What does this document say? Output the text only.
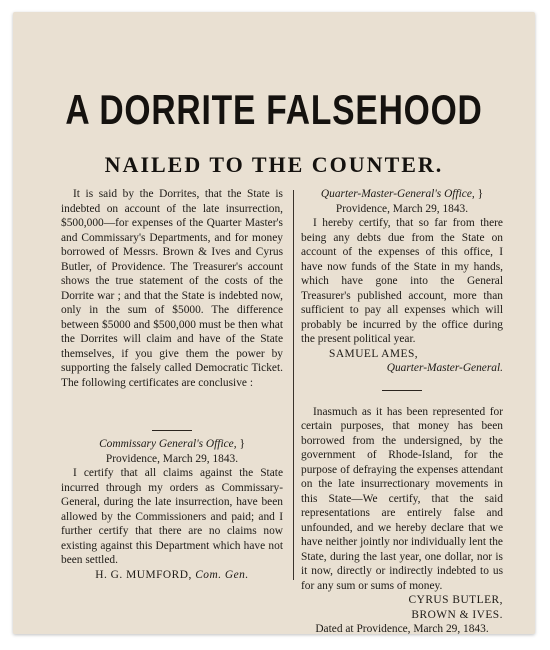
A DORRITE FALSEHOOD
NAILED TO THE COUNTER.

It is said by the Dorrites, that the State is indebted on account of the late insurrection, $500,000—for expenses of the Quarter Master's and Commissary's Departments, and for money borrowed of Messrs. Brown & Ives and Cyrus Butler, of Providence. The Treasurer's account shows the true statement of the costs of the Dorrite war ; and that the State is indebted now, only in the sum of $5000. The difference between $5000 and $500,000 must be then what the Dorrites will claim and have of the State themselves, if you give them the power by supporting the falsely called Democratic Ticket. The following certificates are conclusive :

Commissary General's Office, }

Providence, March 29, 1843.

I certify that all claims against the State incurred through my orders as Commissary-General, during the late insurrection, have been allowed by the Commissioners and paid; and I further certify that there are no claims now existing against this Department which have not been settled.

H. G. MUMFORD, Com. Gen.

Quarter-Master-General's Office, }

Providence, March 29, 1843.

I hereby certify, that so far from there being any debts due from the State on account of the expenses of this office, I have now funds of the State in my hands, which have gone into the General Treasurer's published account, more than sufficient to pay all expenses which will probably be incurred by the office during the present political year.

SAMUEL AMES,

Quarter-Master-General.

Inasmuch as it has been represented for certain purposes, that money has been borrowed from the undersigned, by the government of Rhode-Island, for the purpose of defraying the expenses attendant on the late insurrectionary movements in this State—We certify, that the said representations are entirely false and unfounded, and we hereby declare that we have neither jointly nor individually lent the State, during the last year, one dollar, nor is it now, directly or indirectly indebted to us for any sum or sums of money.

CYRUS BUTLER,

BROWN & IVES.

Dated at Providence, March 29, 1843.
